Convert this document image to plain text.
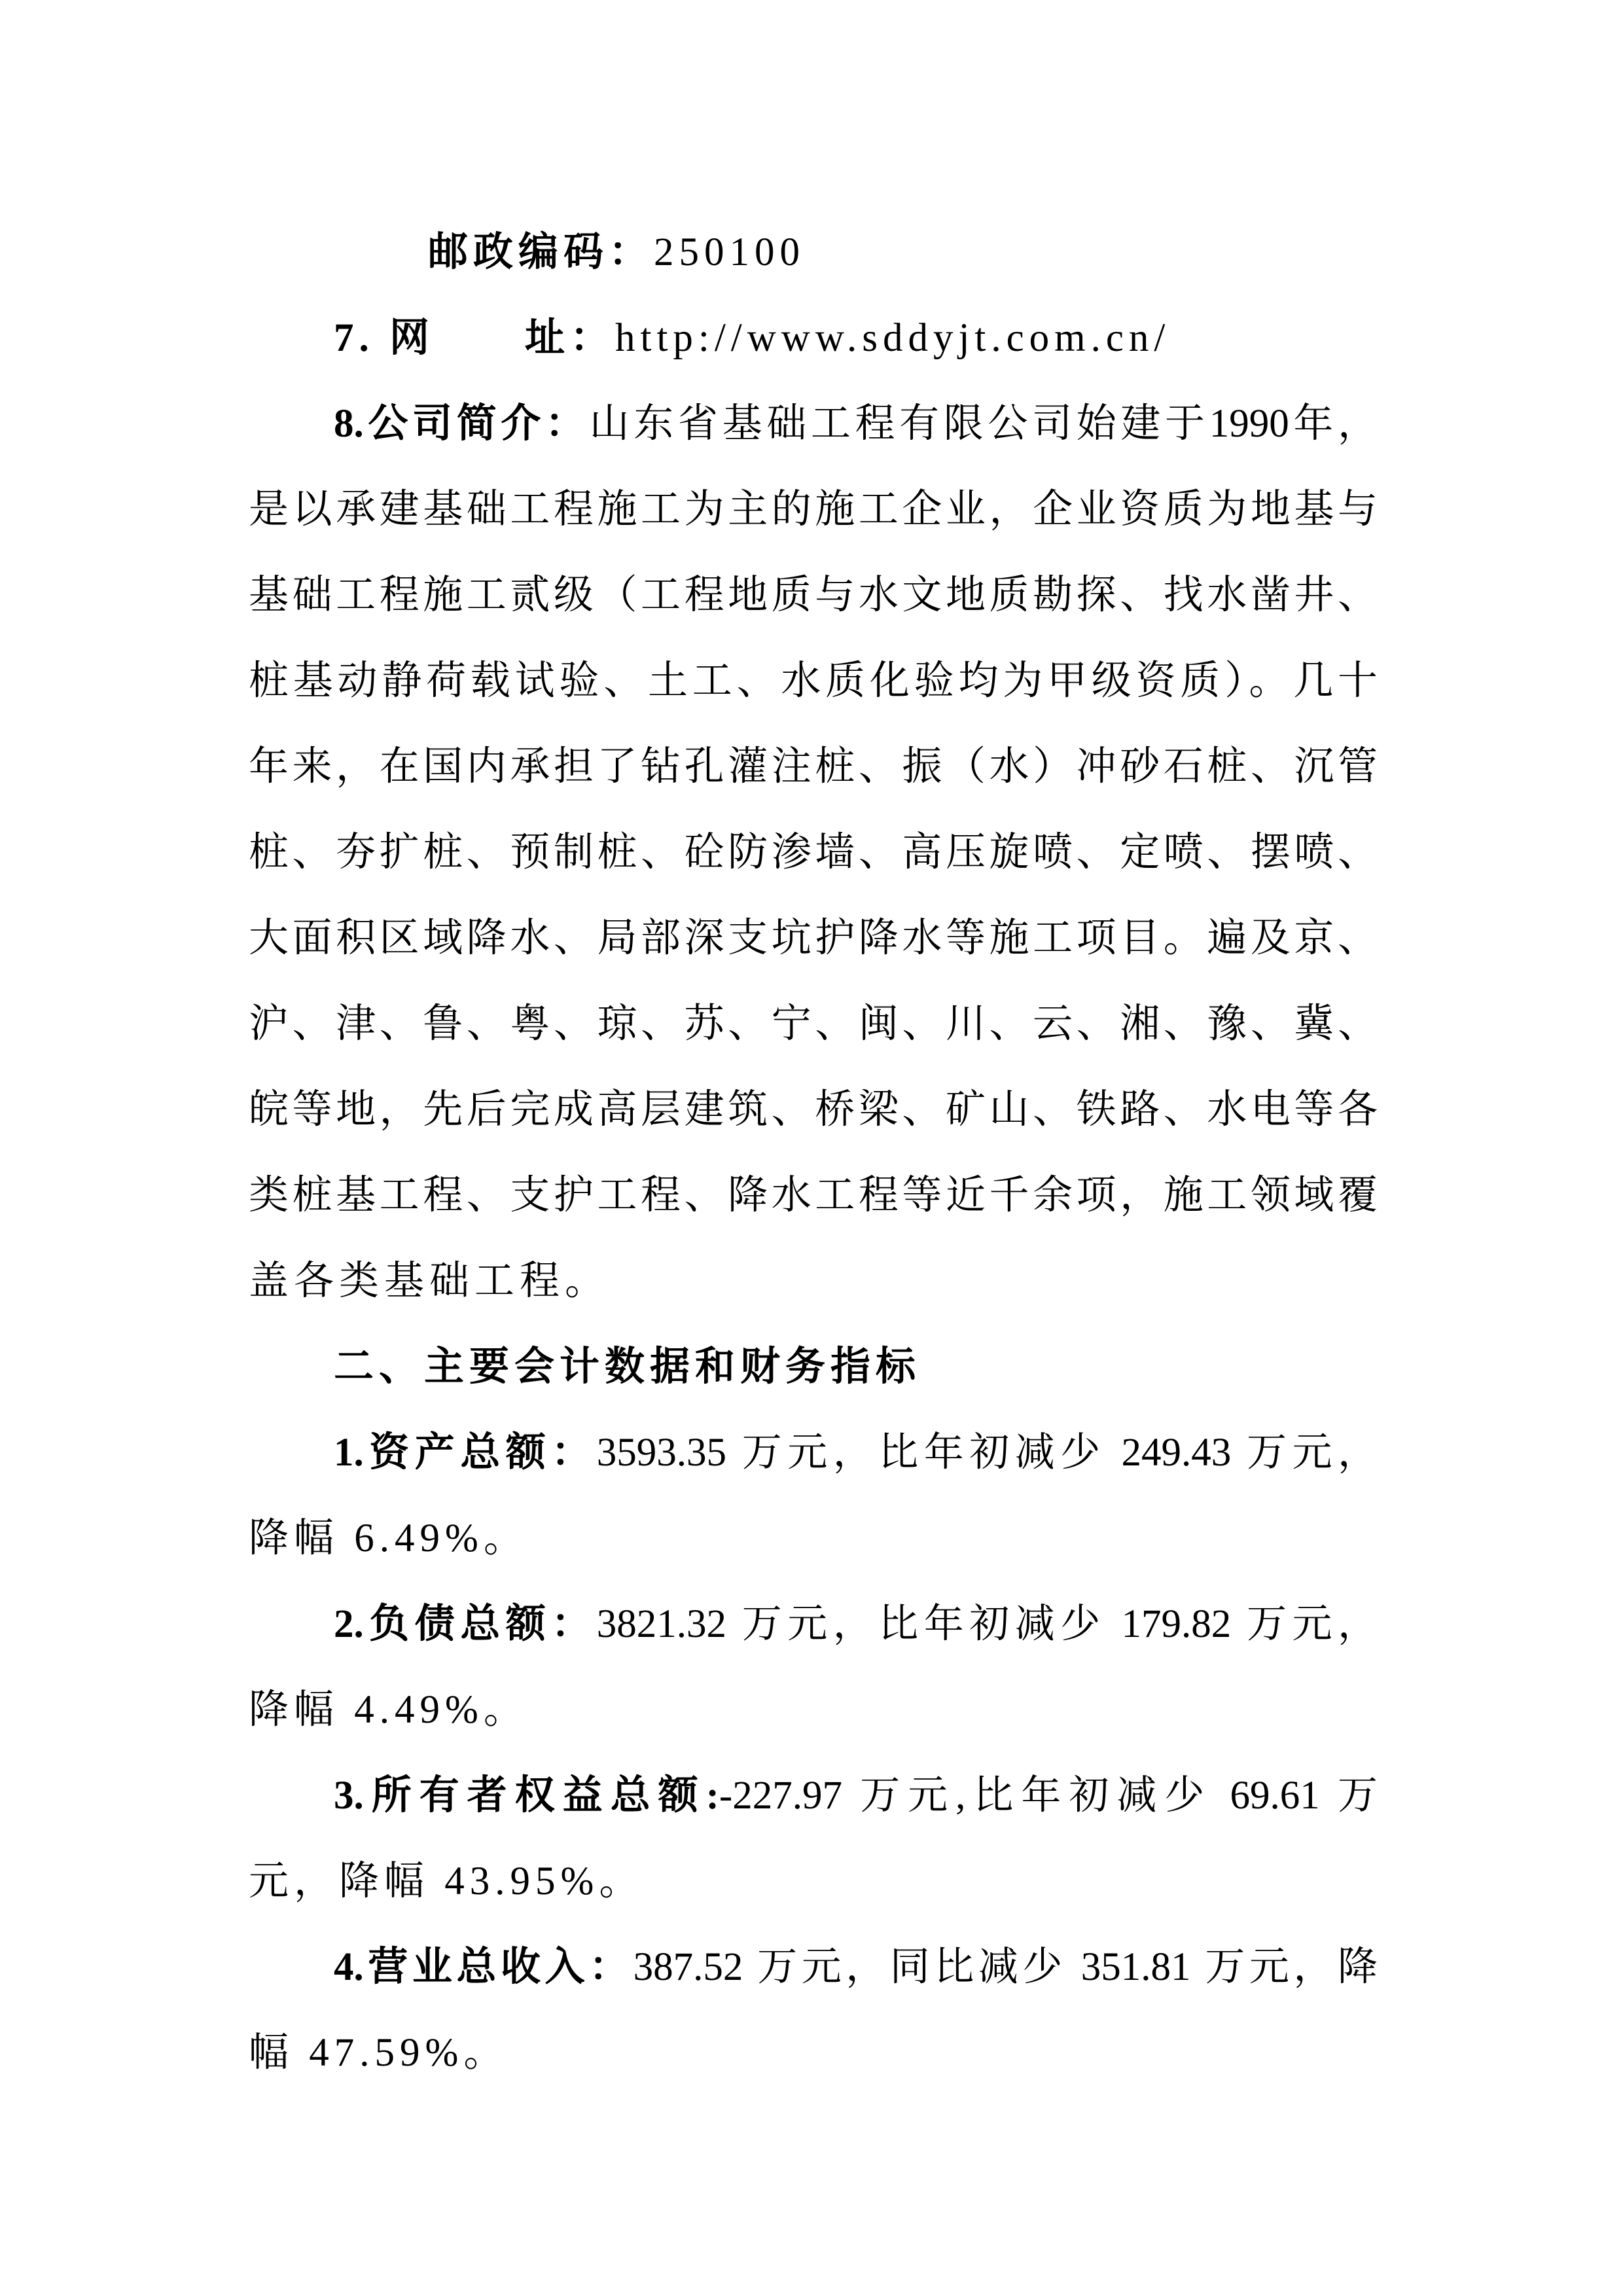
邮政编码：250100
7. 网　　址：http://www.sddyjt.com.cn/
8.公司简介：山东省基础工程有限公司始建于1990年，
是以承建基础工程施工为主的施工企业，企业资质为地基与
基础工程施工贰级（工程地质与水文地质勘探、找水凿井、
桩基动静荷载试验、土工、水质化验均为甲级资质）。几十
年来，在国内承担了钻孔灌注桩、振（水）冲砂石桩、沉管
桩、夯扩桩、预制桩、砼防渗墙、高压旋喷、定喷、摆喷、
大面积区域降水、局部深支坑护降水等施工项目。遍及京、
沪、津、鲁、粤、琼、苏、宁、闽、川、云、湘、豫、冀、
皖等地，先后完成高层建筑、桥梁、矿山、铁路、水电等各
类桩基工程、支护工程、降水工程等近千余项，施工领域覆
盖各类基础工程。
二、主要会计数据和财务指标
1.资产总额：3593.35 万元，比年初减少 249.43 万元，
降幅 6.49%。
2.负债总额：3821.32 万元，比年初减少 179.82 万元，
降幅 4.49%。
3.所有者权益总额:-227.97 万元,比年初减少 69.61 万
元，降幅 43.95%。
4.营业总收入：387.52 万元，同比减少 351.81 万元，降
幅 47.59%。
